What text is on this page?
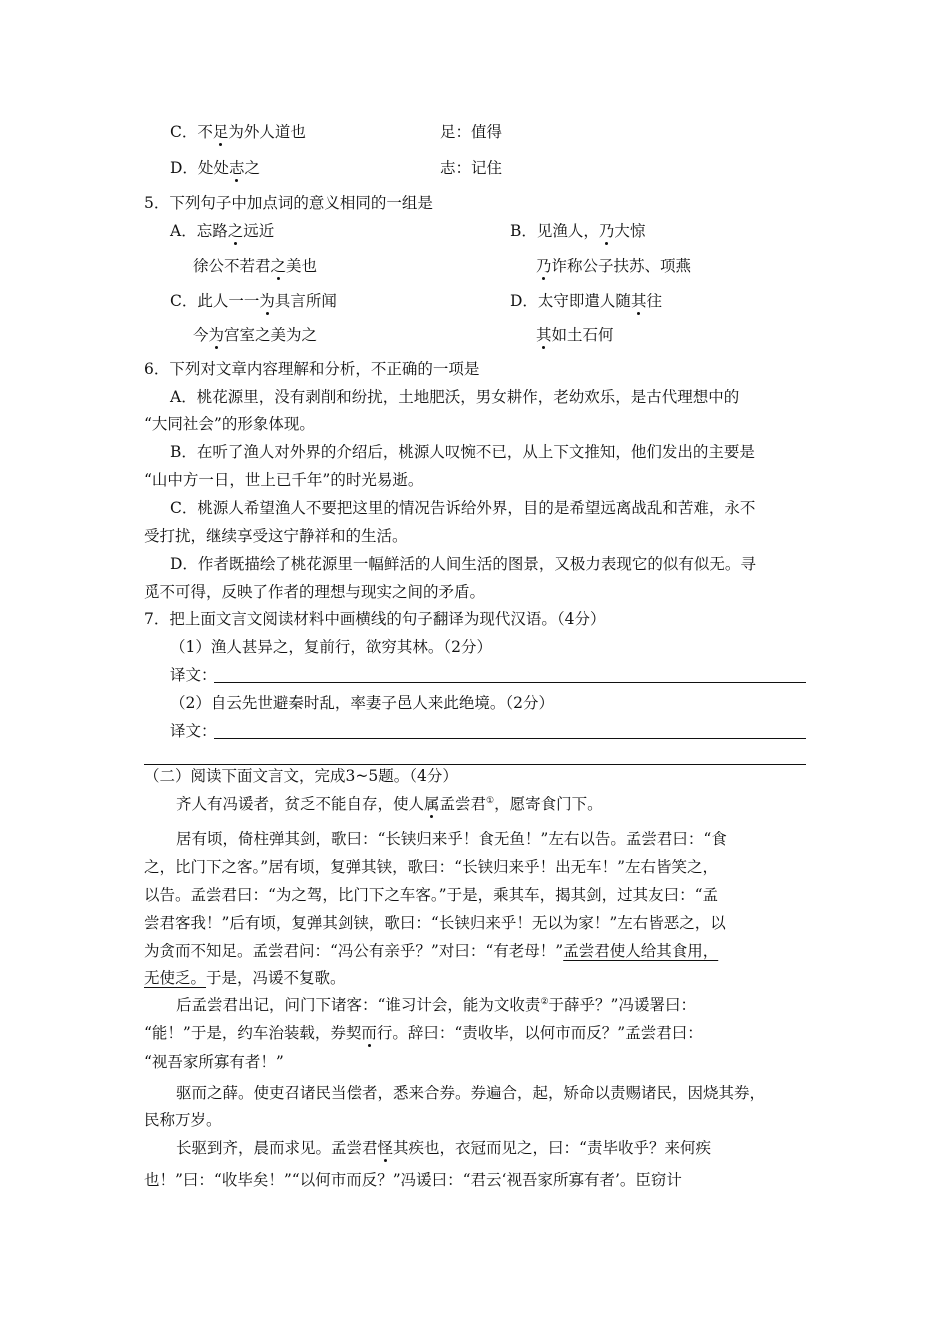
C．不足为外人道也	足：值得
D．处处志之	志：记住
5．下列句子中加点词的意义相同的一组是
A．忘路之远近
徐公不若君之美也
B．见渔人，乃大惊
乃诈称公子扶苏、项燕
C．此人一一为具言所闻
今为宫室之美为之
D．太守即遣人随其往
其如土石何
6．下列对文章内容理解和分析，不正确的一项是
A．桃花源里，没有剥削和纷扰，土地肥沃，男女耕作，老幼欢乐，是古代理想中的
“大同社会”的形象体现。
B．在听了渔人对外界的介绍后，桃源人叹惋不已，从上下文推知，他们发出的主要是
“山中方一日，世上已千年”的时光易逝。
C．桃源人希望渔人不要把这里的情况告诉给外界，目的是希望远离战乱和苦难，永不
受打扰，继续享受这宁静祥和的生活。
D．作者既描绘了桃花源里一幅鲜活的人间生活的图景，又极力表现它的似有似无。寻
觅不可得，反映了作者的理想与现实之间的矛盾。
7．把上面文言文阅读材料中画横线的句子翻译为现代汉语。（4分）
（1）渔人甚异之，复前行，欲穷其林。（2分）
译文：
（2）自云先世避秦时乱，率妻子邑人来此绝境。（2分）
译文：
（二）阅读下面文言文，完成3~5题。（4分）
齐人有冯谖者，贫乏不能自存，使人属孟尝君①，愿寄食门下。
居有顷，倚柱弹其剑，歌曰：“长铗归来乎！食无鱼！”左右以告。孟尝君曰：“食
之，比门下之客。”居有顷，复弹其铗，歌曰：“长铗归来乎！出无车！”左右皆笑之，
以告。孟尝君曰：“为之驾，比门下之车客。”于是，乘其车，揭其剑，过其友曰：“孟
尝君客我！”后有顷，复弹其剑铗，歌曰：“长铗归来乎！无以为家！”左右皆恶之，以
为贪而不知足。孟尝君问：“冯公有亲乎？”对曰：“有老母！”孟尝君使人给其食用，
无使乏。于是，冯谖不复歌。
后孟尝君出记，问门下诸客：“谁习计会，能为文收责②于薛乎？”冯谖署曰：
“能！”于是，约车治装载，券契而行。辞曰：“责收毕，以何市而反？”孟尝君曰：
“视吾家所寡有者！”
驱而之薛。使吏召诸民当偿者，悉来合券。券遍合，起，矫命以责赐诸民，因烧其券，
民称万岁。
长驱到齐，晨而求见。孟尝君怪其疾也，衣冠而见之，曰：“责毕收乎？来何疾
也！”曰：“收毕矣！”“以何市而反？”冯谖曰：“君云‘视吾家所寡有者’。臣窃计
